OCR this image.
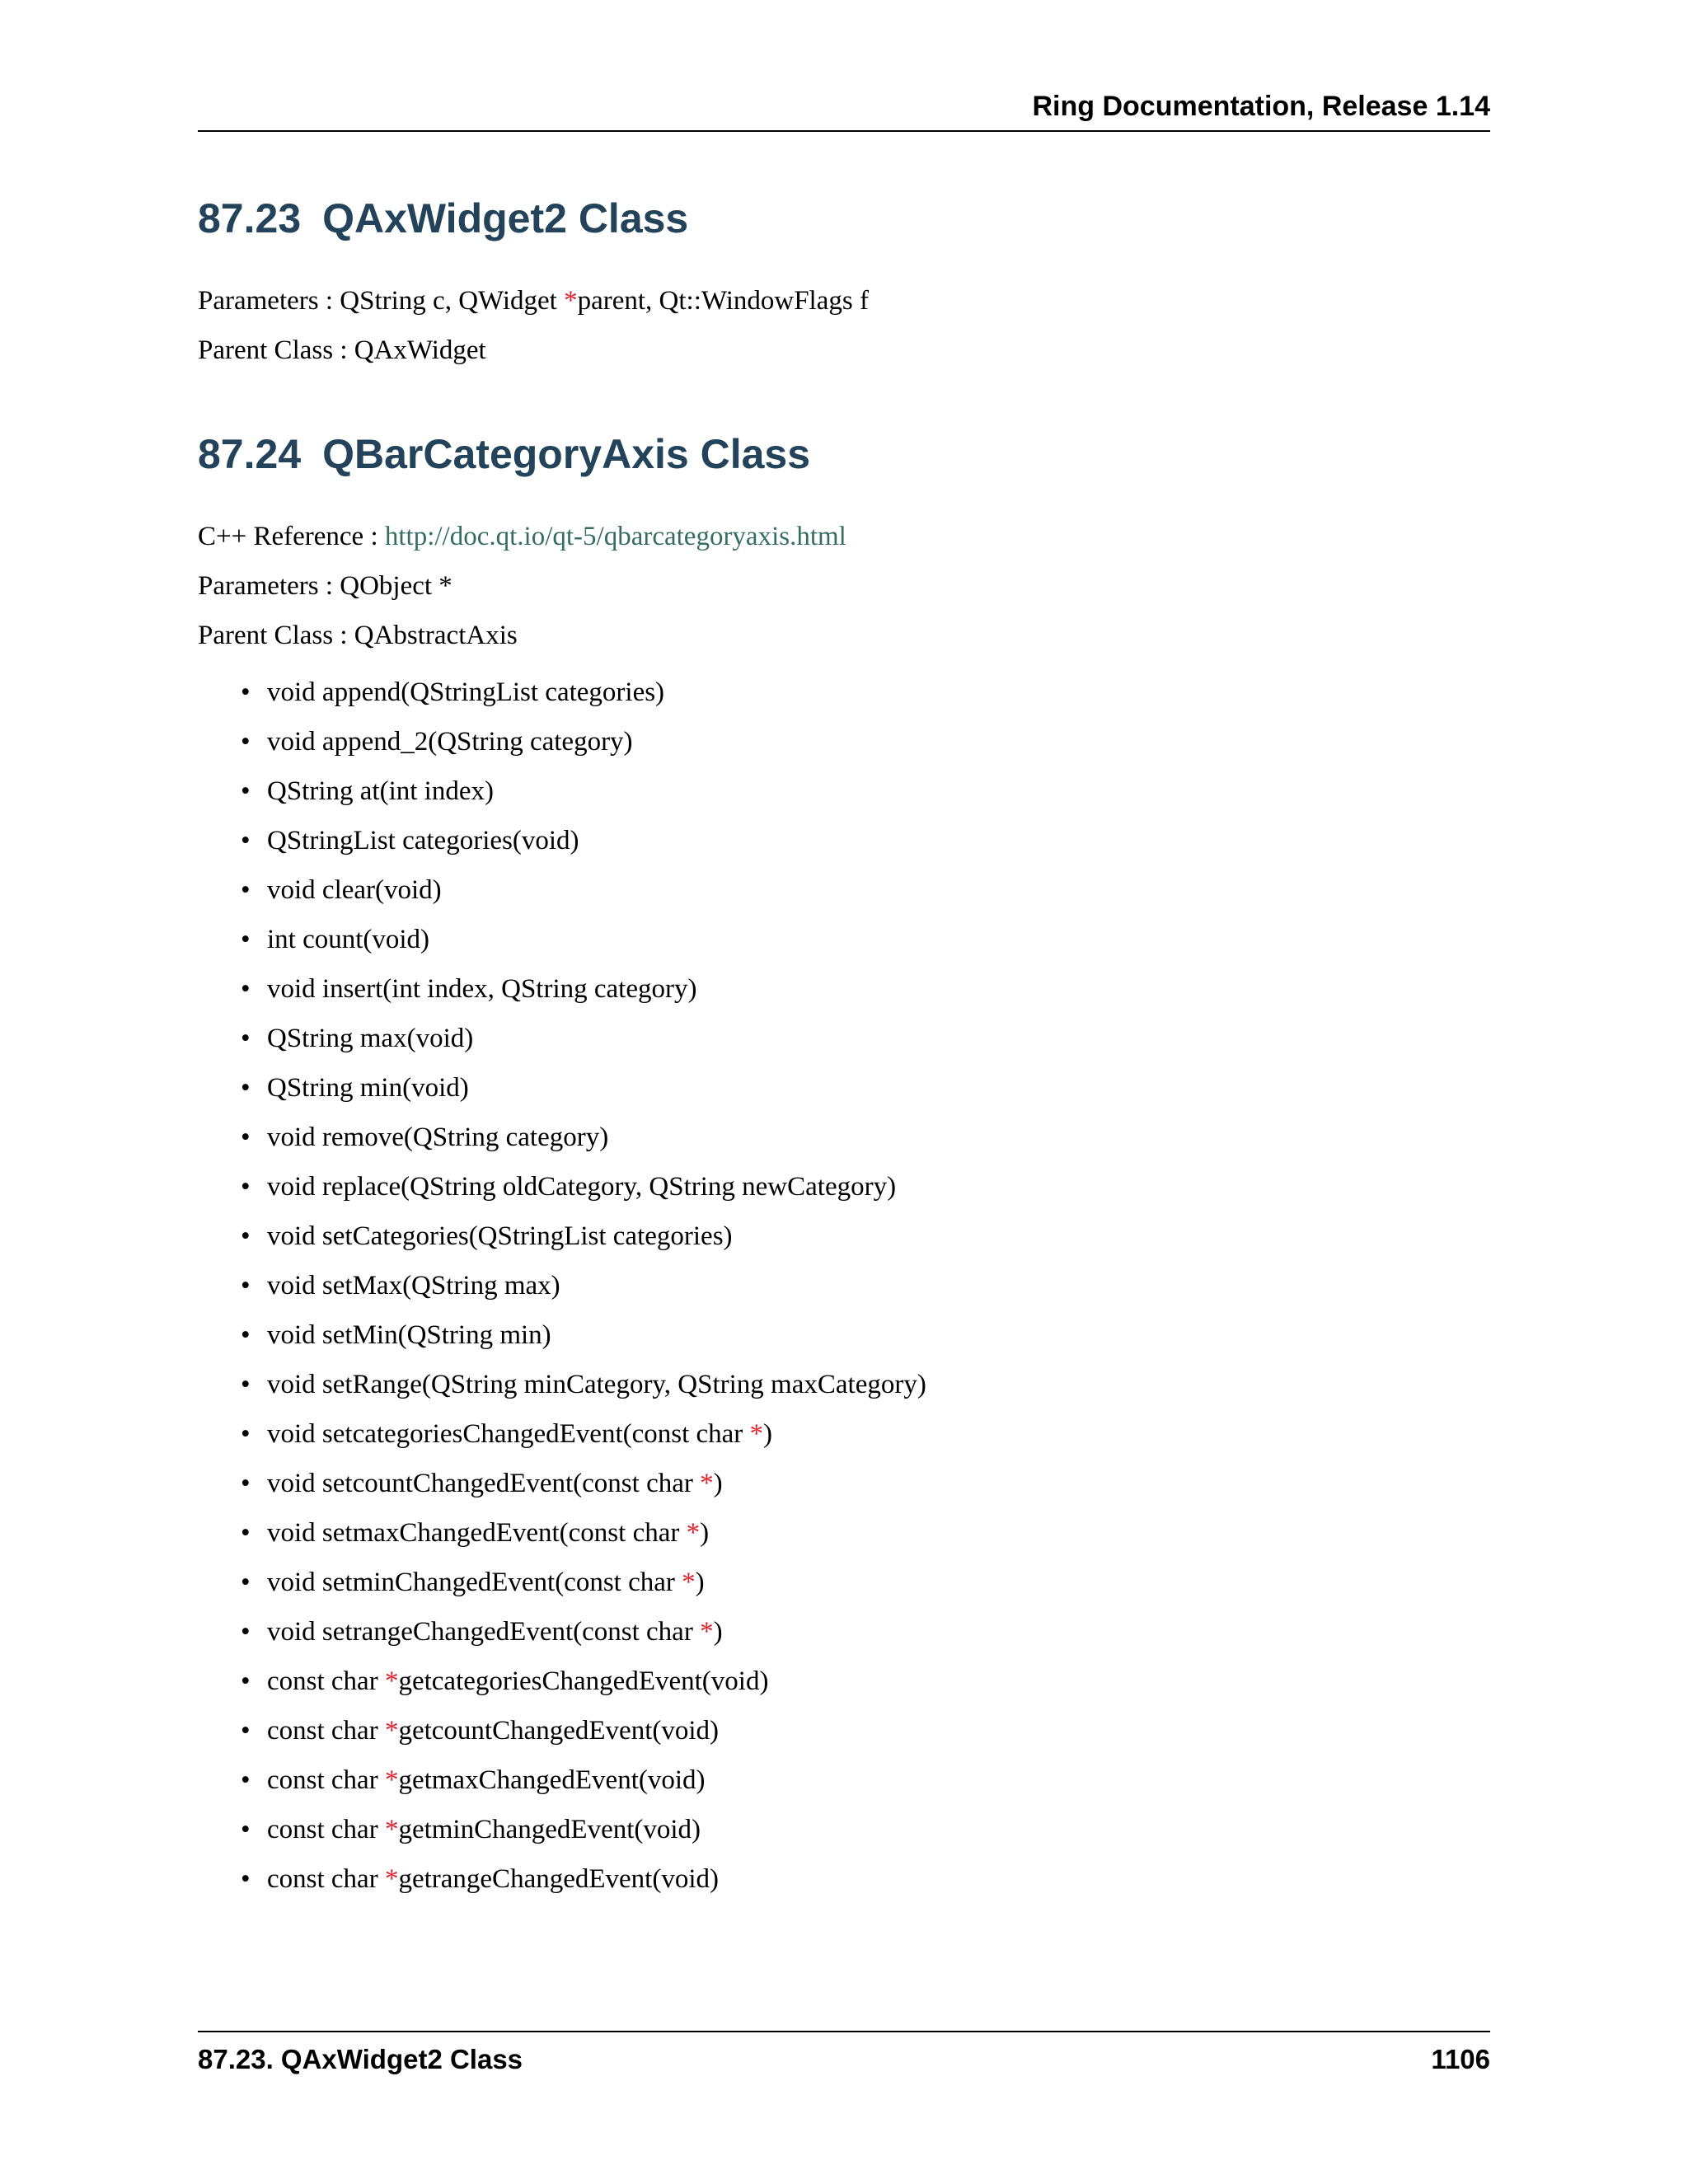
Ring Documentation, Release 1.14
87.23 QAxWidget2 Class
Parameters : QString c, QWidget *parent, Qt::WindowFlags f
Parent Class : QAxWidget
87.24 QBarCategoryAxis Class
C++ Reference : http://doc.qt.io/qt-5/qbarcategoryaxis.html
Parameters : QObject *
Parent Class : QAbstractAxis
• void append(QStringList categories)
• void append_2(QString category)
• QString at(int index)
• QStringList categories(void)
• void clear(void)
• int count(void)
• void insert(int index, QString category)
• QString max(void)
• QString min(void)
• void remove(QString category)
• void replace(QString oldCategory, QString newCategory)
• void setCategories(QStringList categories)
• void setMax(QString max)
• void setMin(QString min)
• void setRange(QString minCategory, QString maxCategory)
• void setcategoriesChangedEvent(const char *)
• void setcountChangedEvent(const char *)
• void setmaxChangedEvent(const char *)
• void setminChangedEvent(const char *)
• void setrangeChangedEvent(const char *)
• const char *getcategoriesChangedEvent(void)
• const char *getcountChangedEvent(void)
• const char *getmaxChangedEvent(void)
• const char *getminChangedEvent(void)
• const char *getrangeChangedEvent(void)
87.23. QAxWidget2 Class	1106
